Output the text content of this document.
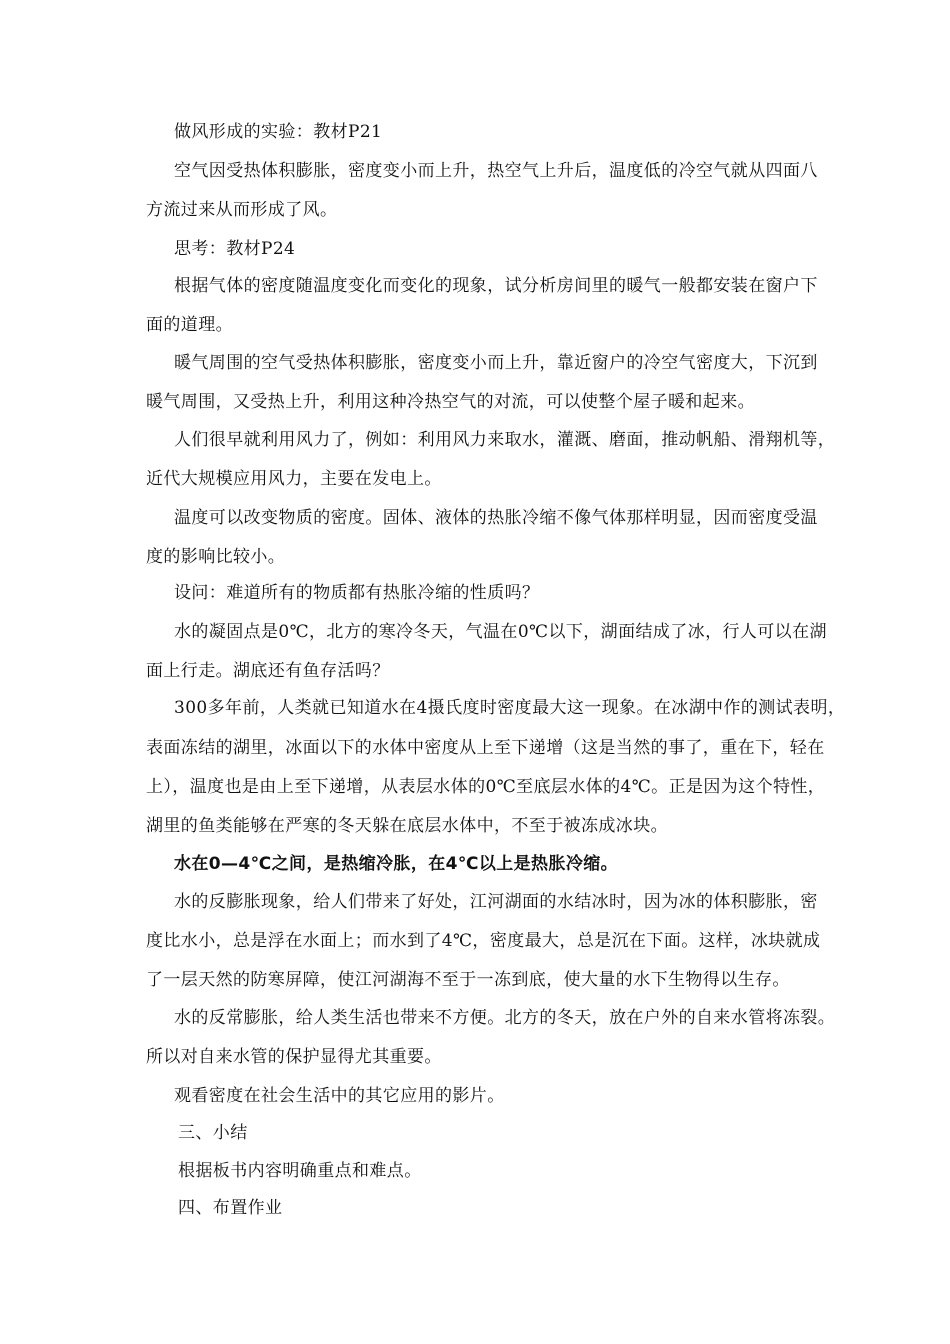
做风形成的实验：教材P21
空气因受热体积膨胀，密度变小而上升，热空气上升后，温度低的冷空气就从四面八
方流过来从而形成了风。
思考：教材P24
根据气体的密度随温度变化而变化的现象，试分析房间里的暖气一般都安装在窗户下
面的道理。
暖气周围的空气受热体积膨胀，密度变小而上升，靠近窗户的冷空气密度大，下沉到
暖气周围，又受热上升，利用这种冷热空气的对流，可以使整个屋子暖和起来。
人们很早就利用风力了，例如：利用风力来取水，灌溉、磨面，推动帆船、滑翔机等，
近代大规模应用风力，主要在发电上。
温度可以改变物质的密度。固体、液体的热胀冷缩不像气体那样明显，因而密度受温
度的影响比较小。
设问：难道所有的物质都有热胀冷缩的性质吗？
水的凝固点是0℃，北方的寒冷冬天，气温在0℃以下，湖面结成了冰，行人可以在湖
面上行走。湖底还有鱼存活吗？
300多年前，人类就已知道水在4摄氏度时密度最大这一现象。在冰湖中作的测试表明，
表面冻结的湖里，冰面以下的水体中密度从上至下递增（这是当然的事了，重在下，轻在
上），温度也是由上至下递增，从表层水体的0℃至底层水体的4℃。正是因为这个特性，
湖里的鱼类能够在严寒的冬天躲在底层水体中，不至于被冻成冰块。
水在0—4℃之间，是热缩冷胀，在4℃以上是热胀冷缩。
水的反膨胀现象，给人们带来了好处，江河湖面的水结冰时，因为冰的体积膨胀，密
度比水小，总是浮在水面上；而水到了4℃，密度最大，总是沉在下面。这样，冰块就成
了一层天然的防寒屏障，使江河湖海不至于一冻到底，使大量的水下生物得以生存。
水的反常膨胀，给人类生活也带来不方便。北方的冬天，放在户外的自来水管将冻裂。
所以对自来水管的保护显得尤其重要。
观看密度在社会生活中的其它应用的影片。
三、小结
根据板书内容明确重点和难点。
四、布置作业
